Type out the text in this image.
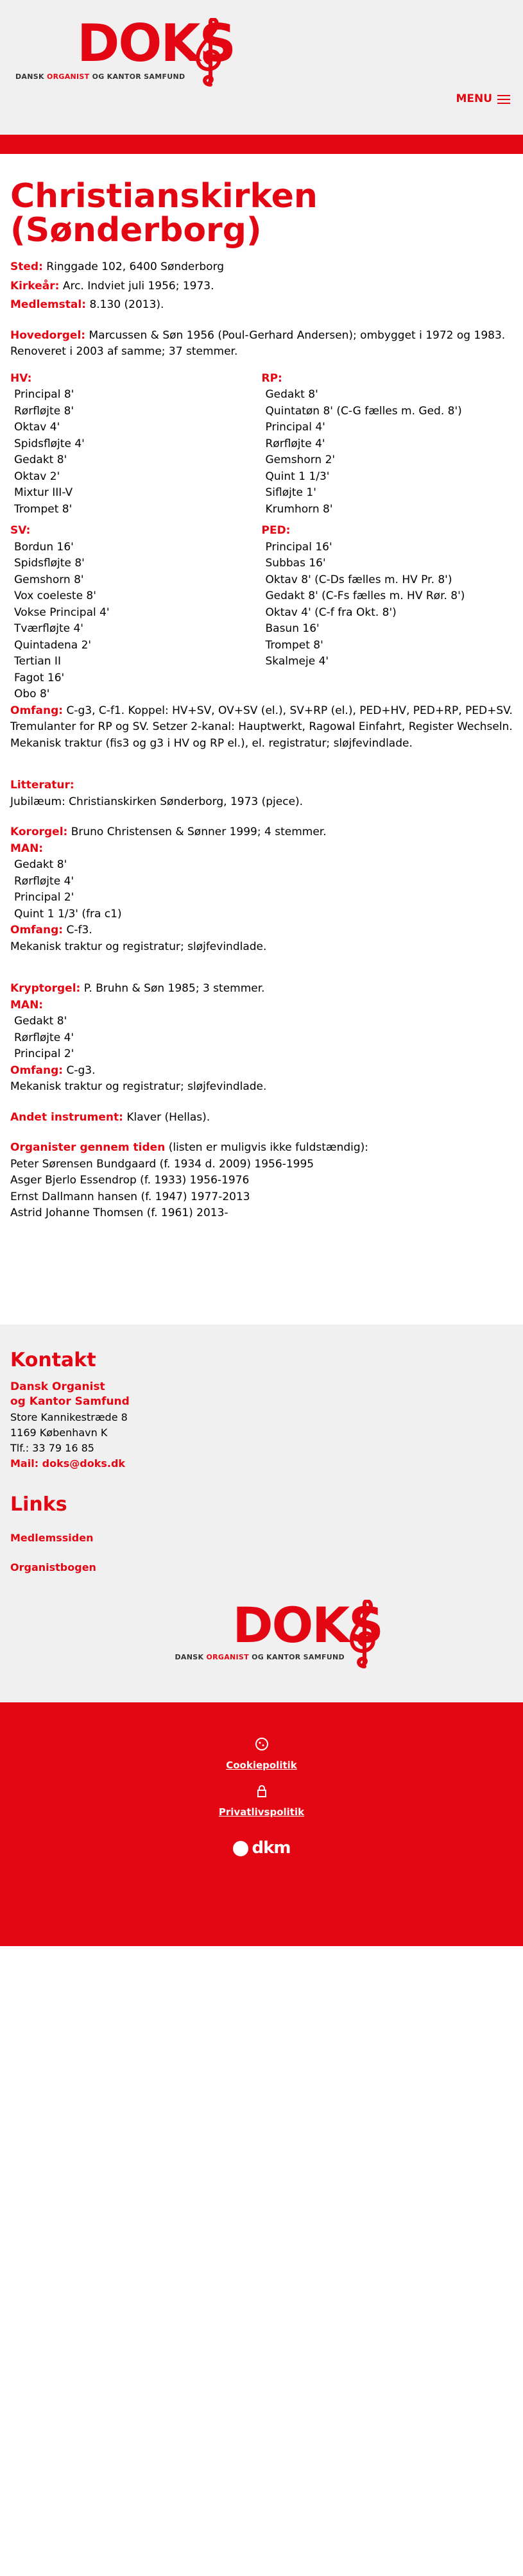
DOKS
DANSK ORGANIST OG KANTOR SAMFUND
MENU
Christianskirken (Sønderborg)

Sted: Ringgade 102, 6400 Sønderborg

Kirkeår: Arc. Indviet juli 1956; 1973.

Medlemstal: 8.130 (2013).

Hovedorgel: Marcussen & Søn 1956 (Poul-Gerhard Andersen); ombygget i 1972 og 1983. Renoveret i 2003 af samme; 37 stemmer.

HV:
Principal 8'
Rørfløjte 8'
Oktav 4'
Spidsfløjte 4'
Gedakt 8'
Oktav 2'
Mixtur III-V
Trompet 8'
SV:
Bordun 16'
Spidsfløjte 8'
Gemshorn 8'
Vox coeleste 8'
Vokse Principal 4'
Tværfløjte 4'
Quintadena 2'
Tertian II
Fagot 16'
Obo 8'
RP:
Gedakt 8'
Quintatøn 8' (C-G fælles m. Ged. 8')
Principal 4'
Rørfløjte 4'
Gemshorn 2'
Quint 1 1/3'
Sifløjte 1'
Krumhorn 8'
PED:
Principal 16'
Subbas 16'
Oktav 8' (C-Ds fælles m. HV Pr. 8')
Gedakt 8' (C-Fs fælles m. HV Rør. 8')
Oktav 4' (C-f fra Okt. 8')
Basun 16'
Trompet 8'
Skalmeje 4'

Omfang: C-g3, C-f1. Koppel: HV+SV, OV+SV (el.), SV+RP (el.), PED+HV, PED+RP, PED+SV. Tremulanter for RP og SV. Setzer 2-kanal: Hauptwerkt, Ragowal Einfahrt, Register Wechseln. Mekanisk traktur (fis3 og g3 i HV og RP el.), el. registratur; sløjfevindlade.

Litteratur:

Jubilæum: Christianskirken Sønderborg, 1973 (pjece).

Kororgel: Bruno Christensen & Sønner 1999; 4 stemmer.

MAN:
Gedakt 8'
Rørfløjte 4'
Principal 2'
Quint 1 1/3' (fra c1)

Omfang: C-f3.

Mekanisk traktur og registratur; sløjfevindlade.

Kryptorgel: P. Bruhn & Søn 1985; 3 stemmer.

MAN:
Gedakt 8'
Rørfløjte 4'
Principal 2'

Omfang: C-g3.

Mekanisk traktur og registratur; sløjfevindlade.

Andet instrument: Klaver (Hellas).

Organister gennem tiden (listen er muligvis ikke fuldstændig):

Peter Sørensen Bundgaard (f. 1934 d. 2009) 1956-1995

Asger Bjerlo Essendrop (f. 1933) 1956-1976

Ernst Dallmann hansen (f. 1947) 1977-2013

Astrid Johanne Thomsen (f. 1961) 2013-

Kontakt
Dansk Organist
og Kantor Samfund
Store Kannikestræde 8
1169 København K
Tlf.: 33 79 16 85
Mail: doks@doks.dk
Links
Medlemssiden
Organistbogen
DOKS
DANSK ORGANIST OG KANTOR SAMFUND
Cookiepolitik
Privatlivspolitik
dkm
